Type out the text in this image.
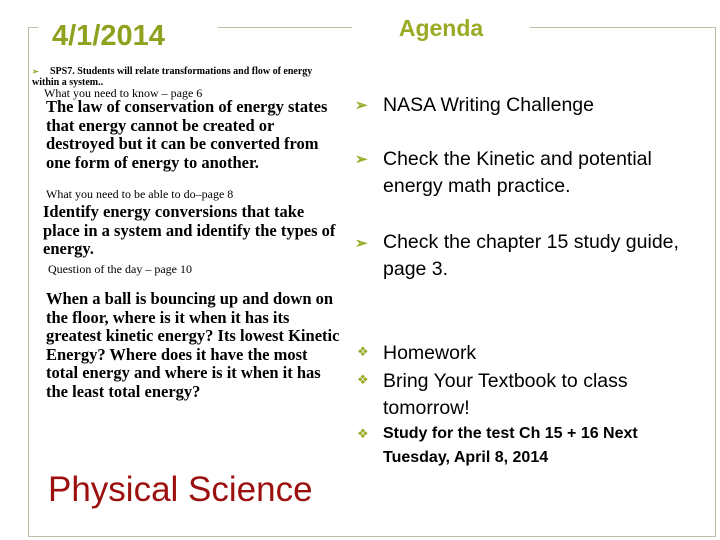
4/1/2014	Agenda
➢ SPS7. Students will relate transformations and flow of energy within a system..
What you need to know – page 6
The law of conservation of energy states that energy cannot be created or destroyed but it can be converted from one form of energy to another.
What you need to be able to do–page 8
Identify energy conversions that take place in a system and identify the types of energy.
Question of the day – page 10
When a ball is bouncing up and down on the floor, where is it when it has its greatest kinetic energy? Its lowest Kinetic Energy? Where does it have the most total energy and where is it when it has the least total energy?
➢ NASA Writing Challenge
➢ Check the Kinetic and potential energy math practice.
➢ Check the chapter 15 study guide, page 3.
❖ Homework
❖ Bring Your Textbook to class tomorrow!
❖ Study for the test Ch 15 + 16 Next Tuesday, April 8, 2014
Physical Science
